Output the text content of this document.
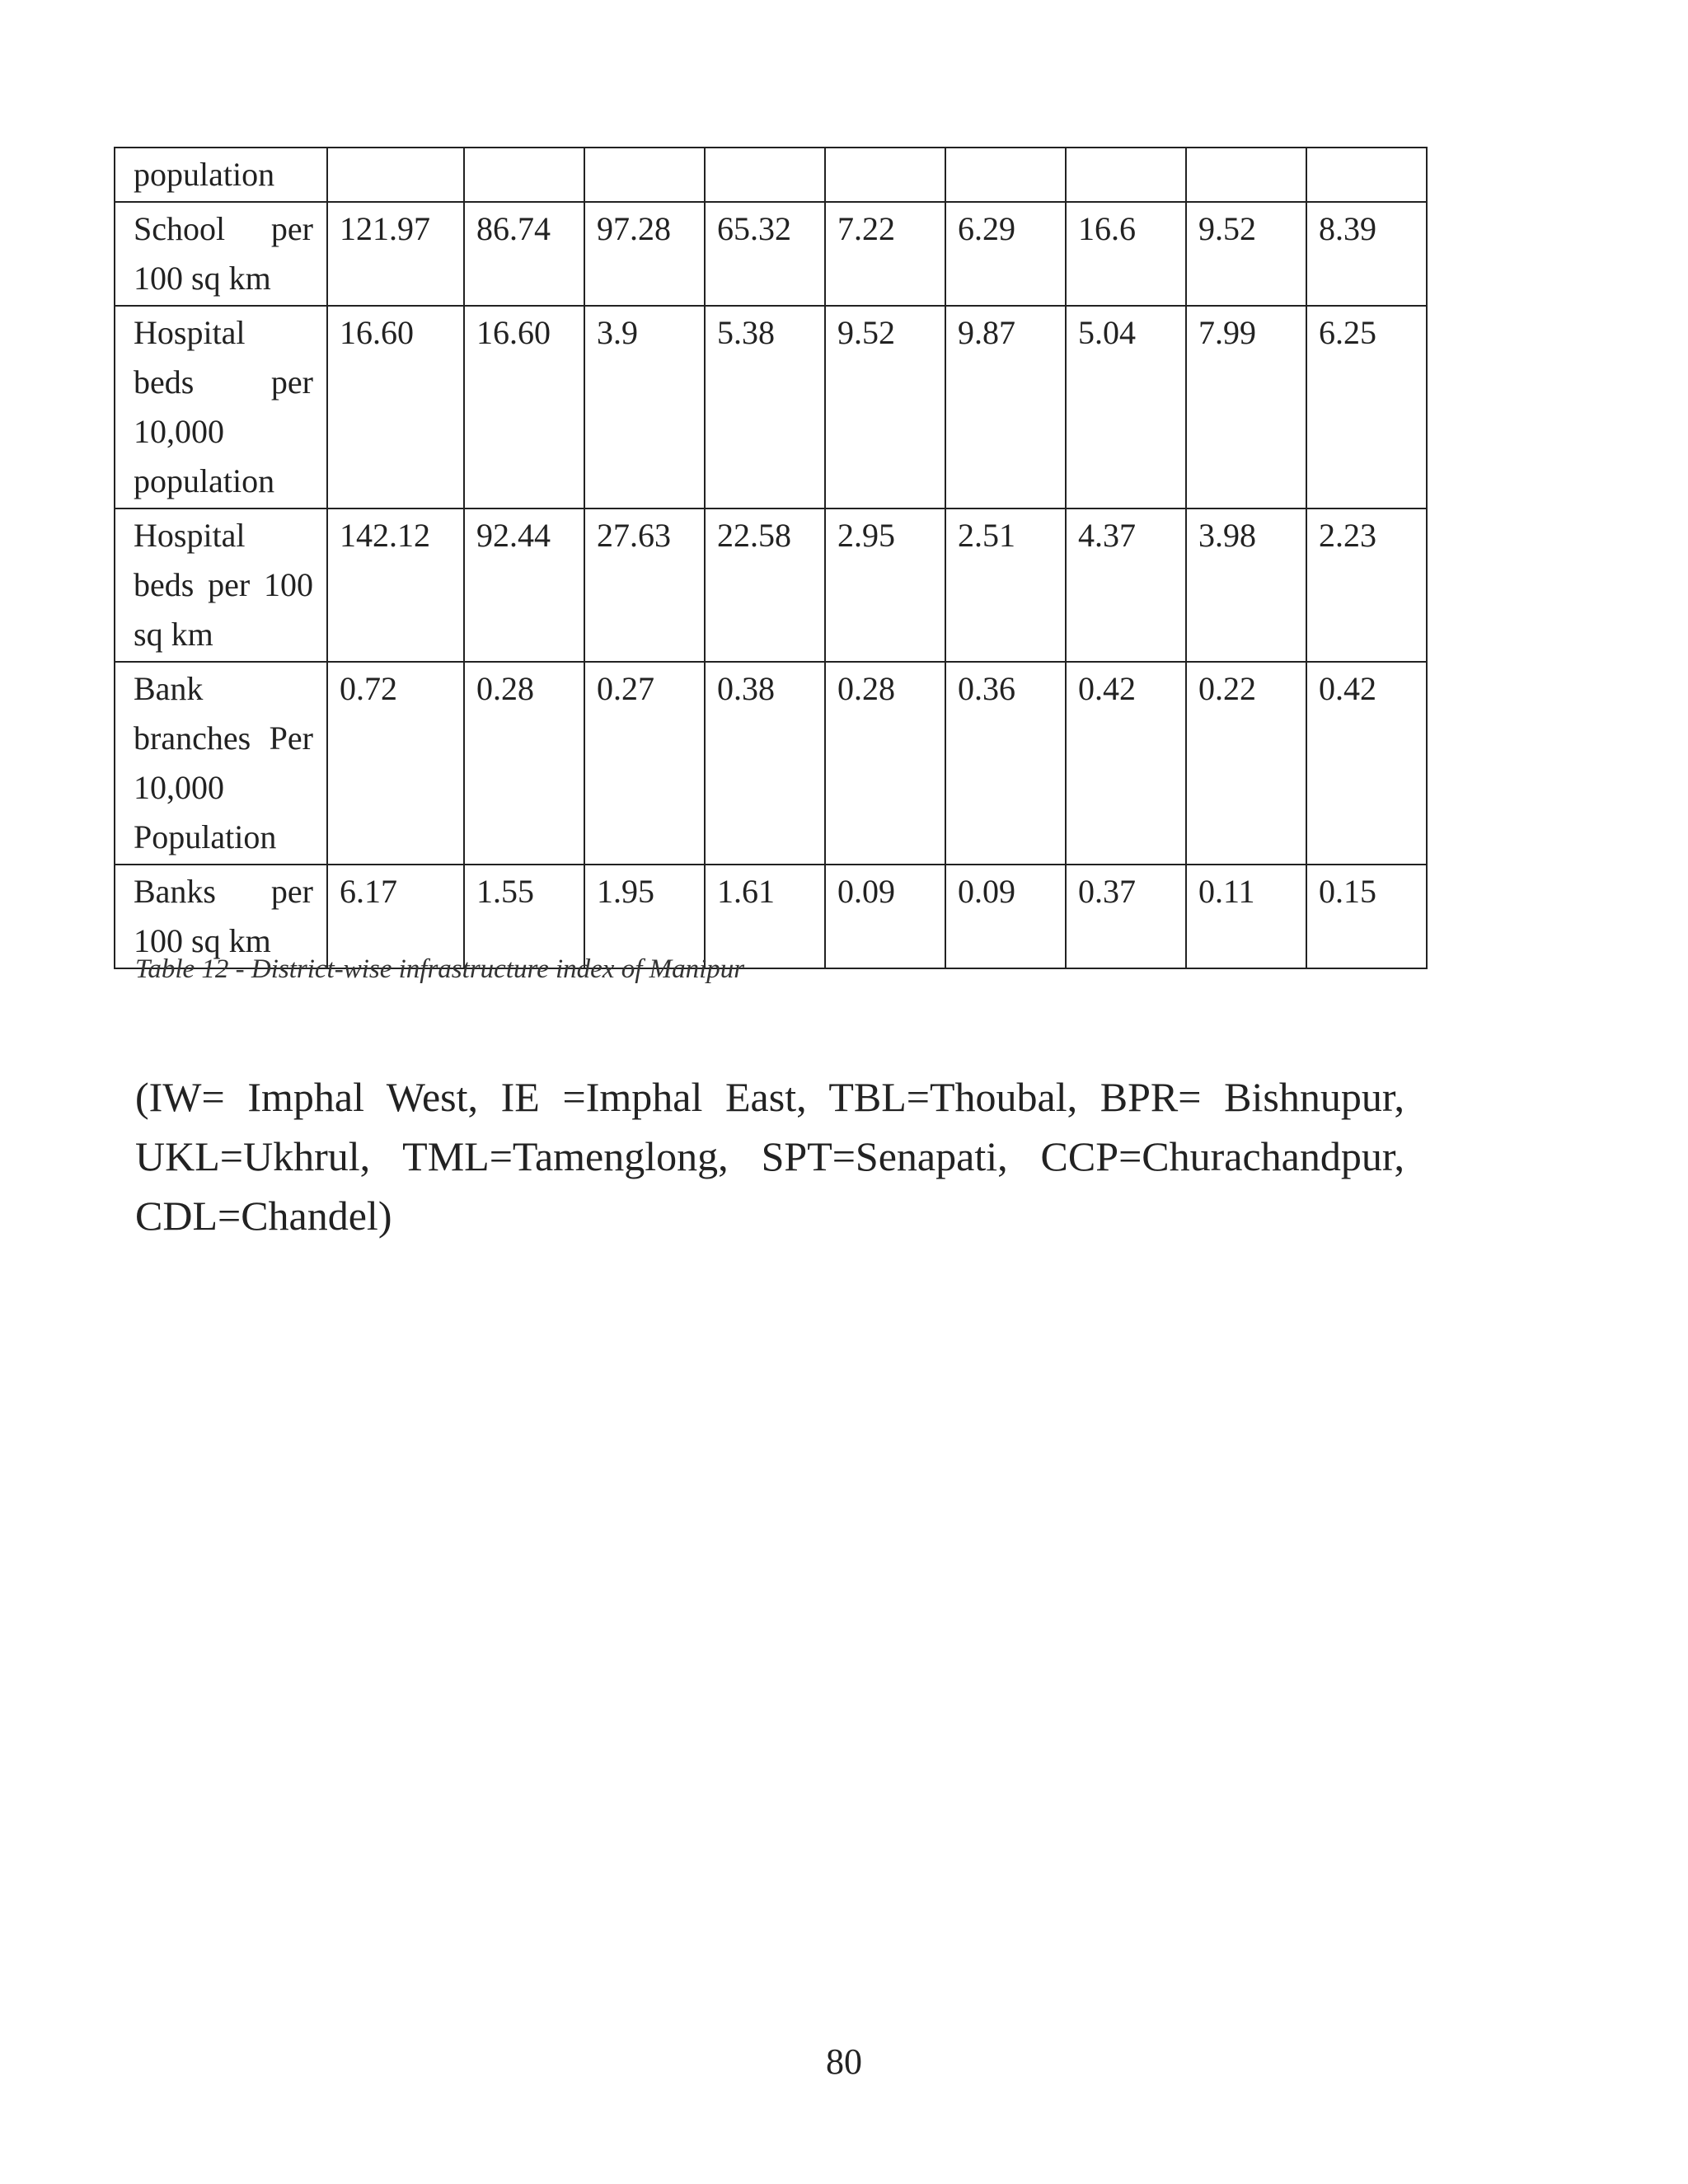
population									
School per 100 sq km	121.97	86.74	97.28	65.32	7.22	6.29	16.6	9.52	8.39
Hospital beds per 10,000 population	16.60	16.60	3.9	5.38	9.52	9.87	5.04	7.99	6.25
Hospital beds per 100 sq km	142.12	92.44	27.63	22.58	2.95	2.51	4.37	3.98	2.23
Bank branches Per 10,000 Population	0.72	0.28	0.27	0.38	0.28	0.36	0.42	0.22	0.42
Banks per 100 sq km	6.17	1.55	1.95	1.61	0.09	0.09	0.37	0.11	0.15
Table 12 - District-wise infrastructure index of Manipur

(IW= Imphal West, IE =Imphal East, TBL=Thoubal, BPR= Bishnupur, UKL=Ukhrul, TML=Tamenglong, SPT=Senapati, CCP=Churachandpur, CDL=Chandel)

80
